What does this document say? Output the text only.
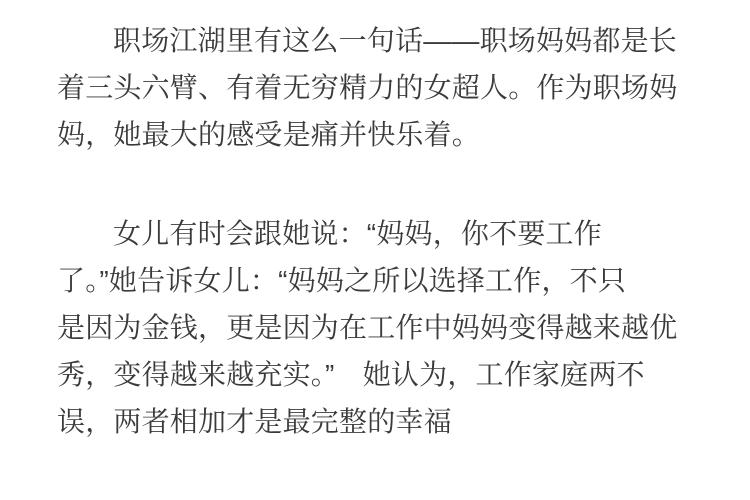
职场江湖里有这么一句话——职场妈妈都是长
着三头六臂、有着无穷精力的女超人。作为职场妈
妈，她最大的感受是痛并快乐着。
女儿有时会跟她说：“妈妈，你不要工作
了。”她告诉女儿：“妈妈之所以选择工作，不只
是因为金钱，更是因为在工作中妈妈变得越来越优
秀，变得越来越充实。”　她认为，工作家庭两不
误，两者相加才是最完整的幸福
